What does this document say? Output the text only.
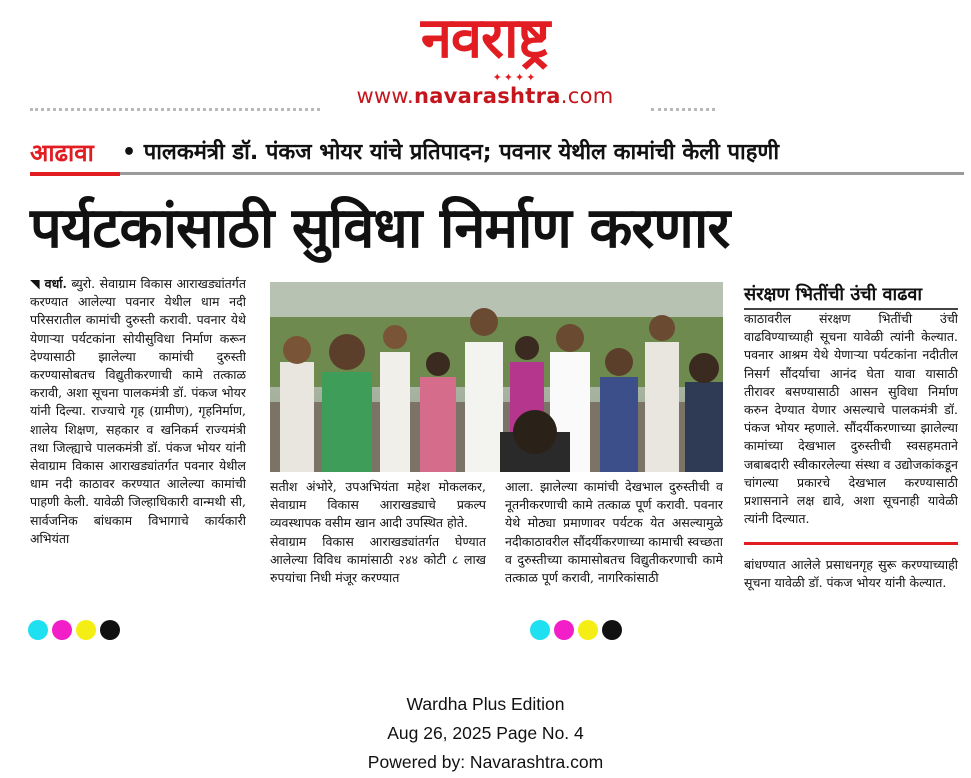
नवराष्ट्र
✦✦✦✦
www.navarashtra.com
आढावा • पालकमंत्री डॉ. पंकज भोयर यांचे प्रतिपादन; पवनार येथील कामांची केली पाहणी
पर्यटकांसाठी सुविधा निर्माण करणार

◥ वर्धा. ब्युरो. सेवाग्राम विकास आराखड्यांतर्गत करण्यात आलेल्या पवनार येथील धाम नदी परिसरातील कामांची दुरुस्ती करावी. पवनार येथे येणाऱ्या पर्यटकांना सोयीसुविधा निर्माण करून देण्यासाठी झालेल्या कामांची दुरुस्ती करण्यासोबतच विद्युतीकरणाची कामे तत्काळ करावी, अशा सूचना पालकमंत्री डॉ. पंकज भोयर यांनी दिल्या. राज्याचे गृह (ग्रामीण), गृहनिर्माण, शालेय शिक्षण, सहकार व खनिकर्म राज्यमंत्री तथा जिल्ह्याचे पालकमंत्री डॉ. पंकज भोयर यांनी सेवाग्राम विकास आराखड्यांतर्गत पवनार येथील धाम नदी काठावर करण्यात आलेल्या कामांची पाहणी केली. यावेळी जिल्हाधिकारी वान्मथी सी, सार्वजनिक बांधकाम विभागाचे कार्यकारी अभियंता

सतीश अंभोरे, उपअभियंता महेश मोकलकर, सेवाग्राम विकास आराखड्याचे प्रकल्प व्यवस्थापक वसीम खान आदी उपस्थित होते.

सेवाग्राम विकास आराखड्यांतर्गत घेण्यात आलेल्या विविध कामांसाठी २४४ कोटी ८ लाख रुपयांचा निधी मंजूर करण्यात

आला. झालेल्या कामांची देखभाल दुरुस्तीची व नूतनीकरणाची कामे तत्काळ पूर्ण करावी. पवनार येथे मोठ्या प्रमाणावर पर्यटक येत असल्यामुळे नदीकाठावरील सौंदर्यीकरणाच्या कामाची स्वच्छता व दुरुस्तीच्या कामासोबतच विद्युतीकरणाची कामे तत्काळ पूर्ण करावी, नागरिकांसाठी

संरक्षण भितींची उंची वाढवा

काठावरील संरक्षण भितींची उंची वाढविण्याच्याही सूचना यावेळी त्यांनी केल्यात. पवनार आश्रम येथे येणाऱ्या पर्यटकांना नदीतील निसर्ग सौंदर्याचा आनंद घेता यावा यासाठी तीरावर बसण्यासाठी आसन सुविधा निर्माण करुन देण्यात येणार असल्याचे पालकमंत्री डॉ. पंकज भोयर म्हणाले. सौंदर्यीकरणाच्या झालेल्या कामांच्या देखभाल दुरुस्तीची स्वसहमताने जबाबदारी स्वीकारलेल्या संस्था व उद्योजकांकडून चांगल्या प्रकारचे देखभाल करण्यासाठी प्रशासनाने लक्ष द्यावे, अशा सूचनाही यावेळी त्यांनी दिल्यात.

बांधण्यात आलेले प्रसाधनगृह सुरू करण्याच्याही सूचना यावेळी डॉ. पंकज भोयर यांनी केल्यात.

Wardha Plus Edition
Aug 26, 2025 Page No. 4
Powered by: Navarashtra.com
